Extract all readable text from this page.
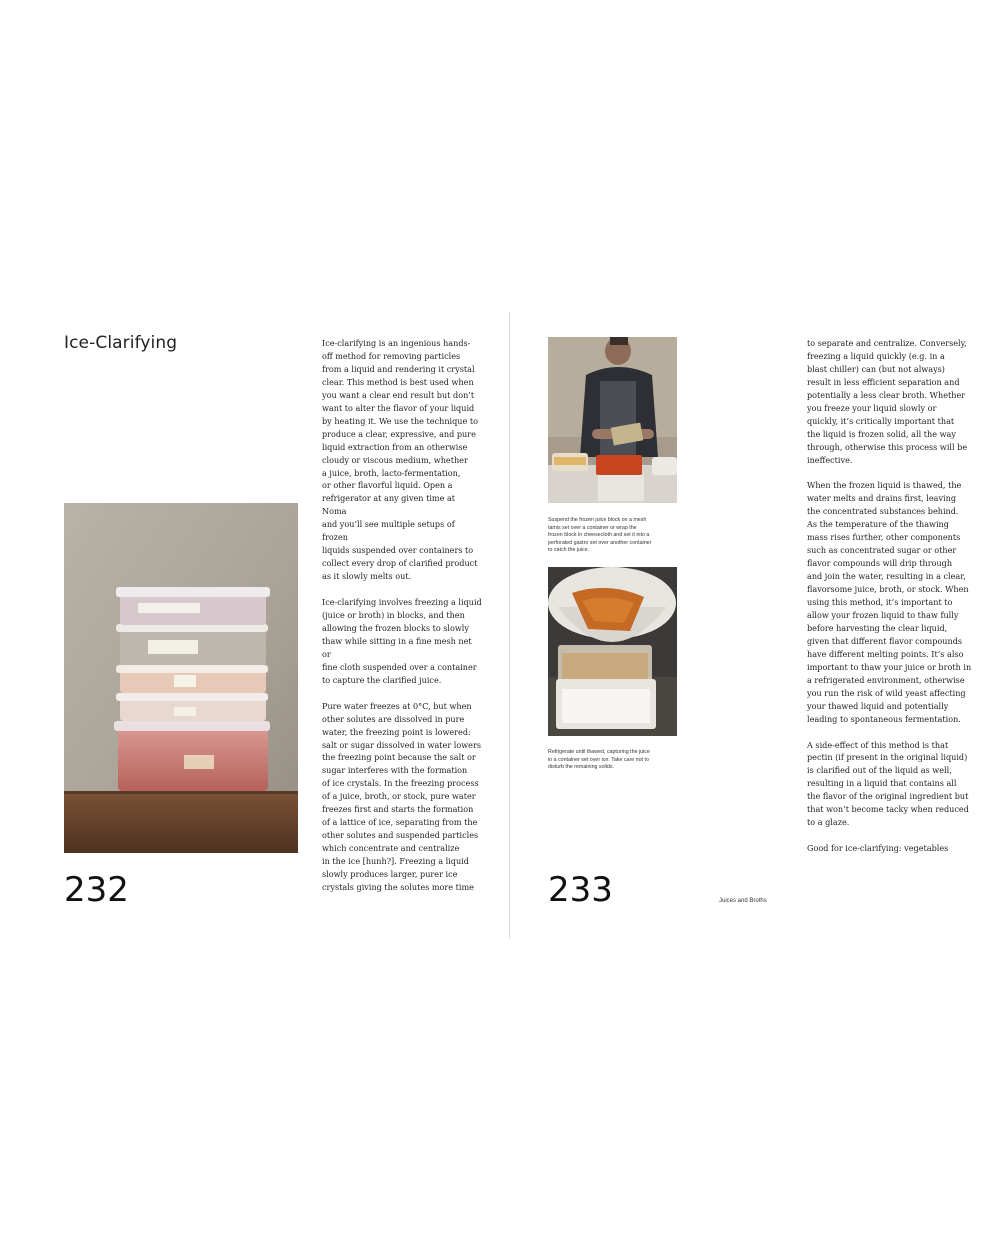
Ice-Clarifying	Ice-clarifying is an ingenious hands-
off method for removing particles
from a liquid and rendering it crystal
clear. This method is best used when
you want a clear end result but don’t
want to alter the flavor of your liquid
by heating it. We use the technique to
produce a clear, expressive, and pure
liquid extraction from an otherwise
cloudy or viscous medium, whether
a juice, broth, lacto-fermentation,
or other flavorful liquid. Open a
refrigerator at any given time at Noma
and you’ll see multiple setups of frozen
liquids suspended over containers to
collect every drop of clarified product
as it slowly melts out.

Ice-clarifying involves freezing a liquid
(juice or broth) in blocks, and then
allowing the frozen blocks to slowly
thaw while sitting in a fine mesh net or
fine cloth suspended over a container
to capture the clarified juice.

Pure water freezes at 0°C, but when
other solutes are dissolved in pure
water, the freezing point is lowered:
salt or sugar dissolved in water lowers
the freezing point because the salt or
sugar interferes with the formation
of ice crystals. In the freezing process
of a juice, broth, or stock, pure water
freezes first and starts the formation
of a lattice of ice, separating from the
other solutes and suspended particles
which concentrate and centralize
in the ice [hunh?]. Freezing a liquid
slowly produces larger, purer ice
crystals giving the solutes more time

232

Suspend the frozen juice block on a mesh
tamis set over a container or wrap the
frozen block in cheesecloth and set it into a
perforated gastro set over another container
to catch the juice.

Refrigerate until thawed, capturing the juice
in a container set over ice. Take care not to
disturb the remaining solids.

to separate and centralize. Conversely,
freezing a liquid quickly (e.g. in a
blast chiller) can (but not always)
result in less efficient separation and
potentially a less clear broth. Whether
you freeze your liquid slowly or
quickly, it’s critically important that
the liquid is frozen solid, all the way
through, otherwise this process will be
ineffective.

When the frozen liquid is thawed, the
water melts and drains first, leaving
the concentrated substances behind.
As the temperature of the thawing
mass rises further, other components
such as concentrated sugar or other
flavor compounds will drip through
and join the water, resulting in a clear,
flavorsome juice, broth, or stock. When
using this method, it’s important to
allow your frozen liquid to thaw fully
before harvesting the clear liquid,
given that different flavor compounds
have different melting points. It’s also
important to thaw your juice or broth in
a refrigerated environment, otherwise
you run the risk of wild yeast affecting
your thawed liquid and potentially
leading to spontaneous fermentation.

A side-effect of this method is that
pectin (if present in the original liquid)
is clarified out of the liquid as well,
resulting in a liquid that contains all
the flavor of the original ingredient but
that won’t become tacky when reduced
to a glaze.

Good for ice-clarifying: vegetables

233	Juices and Broths
